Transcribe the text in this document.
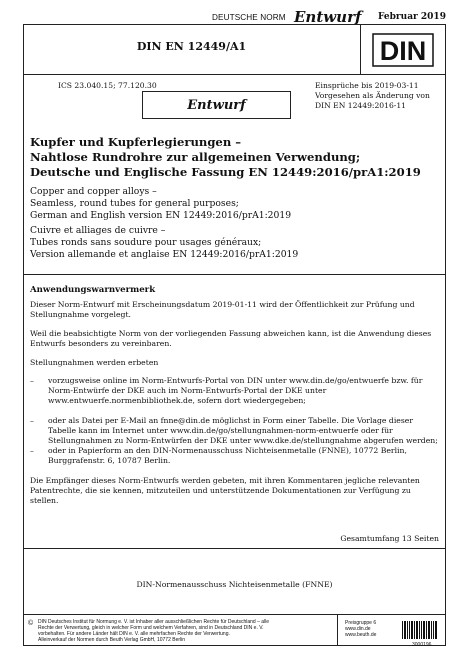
DEUTSCHE NORM Entwurf Februar 2019
DIN EN 12449/A1	DIN
ICS 23.040.15; 77.120.30
Entwurf
Einsprüche bis 2019-03-11
Vorgesehen als Änderung von
DIN EN 12449:2016-11
Kupfer und Kupferlegierungen –
Nahtlose Rundrohre zur allgemeinen Verwendung;
Deutsche und Englische Fassung EN 12449:2016/prA1:2019
Copper and copper alloys –
Seamless, round tubes for general purposes;
German and English version EN 12449:2016/prA1:2019
Cuivre et alliages de cuivre –
Tubes ronds sans soudure pour usages généraux;
Version allemande et anglaise EN 12449:2016/prA1:2019
Anwendungswarnvermerk
Dieser Norm-Entwurf mit Erscheinungsdatum 2019-01-11 wird der Öffentlichkeit zur Prüfung und Stellungnahme vorgelegt.
Weil die beabsichtigte Norm von der vorliegenden Fassung abweichen kann, ist die Anwendung dieses Entwurfs besonders zu vereinbaren.
Stellungnahmen werden erbeten
– vorzugsweise online im Norm-Entwurfs-Portal von DIN unter www.din.de/go/entwuerfe bzw. für Norm-Entwürfe der DKE auch im Norm-Entwurfs-Portal der DKE unter www.entwuerfe.normenbibliothek.de, sofern dort wiedergegeben;
– oder als Datei per E-Mail an fnne@din.de möglichst in Form einer Tabelle. Die Vorlage dieser Tabelle kann im Internet unter www.din.de/go/stellungnahmen-norm-entwuerfe oder für Stellungnahmen zu Norm-Entwürfen der DKE unter www.dke.de/stellungnahme abgerufen werden;
– oder in Papierform an den DIN-Normenausschuss Nichteisenmetalle (FNNE), 10772 Berlin, Burggrafenstr. 6, 10787 Berlin.
Die Empfänger dieses Norm-Entwurfs werden gebeten, mit ihren Kommentaren jegliche relevanten Patentrechte, die sie kennen, mitzuteilen und unterstützende Dokumentationen zur Verfügung zu stellen.
Gesamtumfang 13 Seiten
DIN-Normenausschuss Nichteisenmetalle (FNNE)
© DIN Deutsches Institut für Normung e. V. ist Inhaber aller ausschließlichen Rechte für Deutschland – alle
Rechte der Verwertung, gleich in welcher Form und welchem Verfahren, sind in Deutschland DIN e. V.
vorbehalten. Für andere Länder hält DIN e. V. alle mehrfachen Rechte der Verwertung.
Alleinverkauf der Normen durch Beuth Verlag GmbH, 10772 Berlin
Preisgruppe 6
www.din.de
www.beuth.de
3000196
